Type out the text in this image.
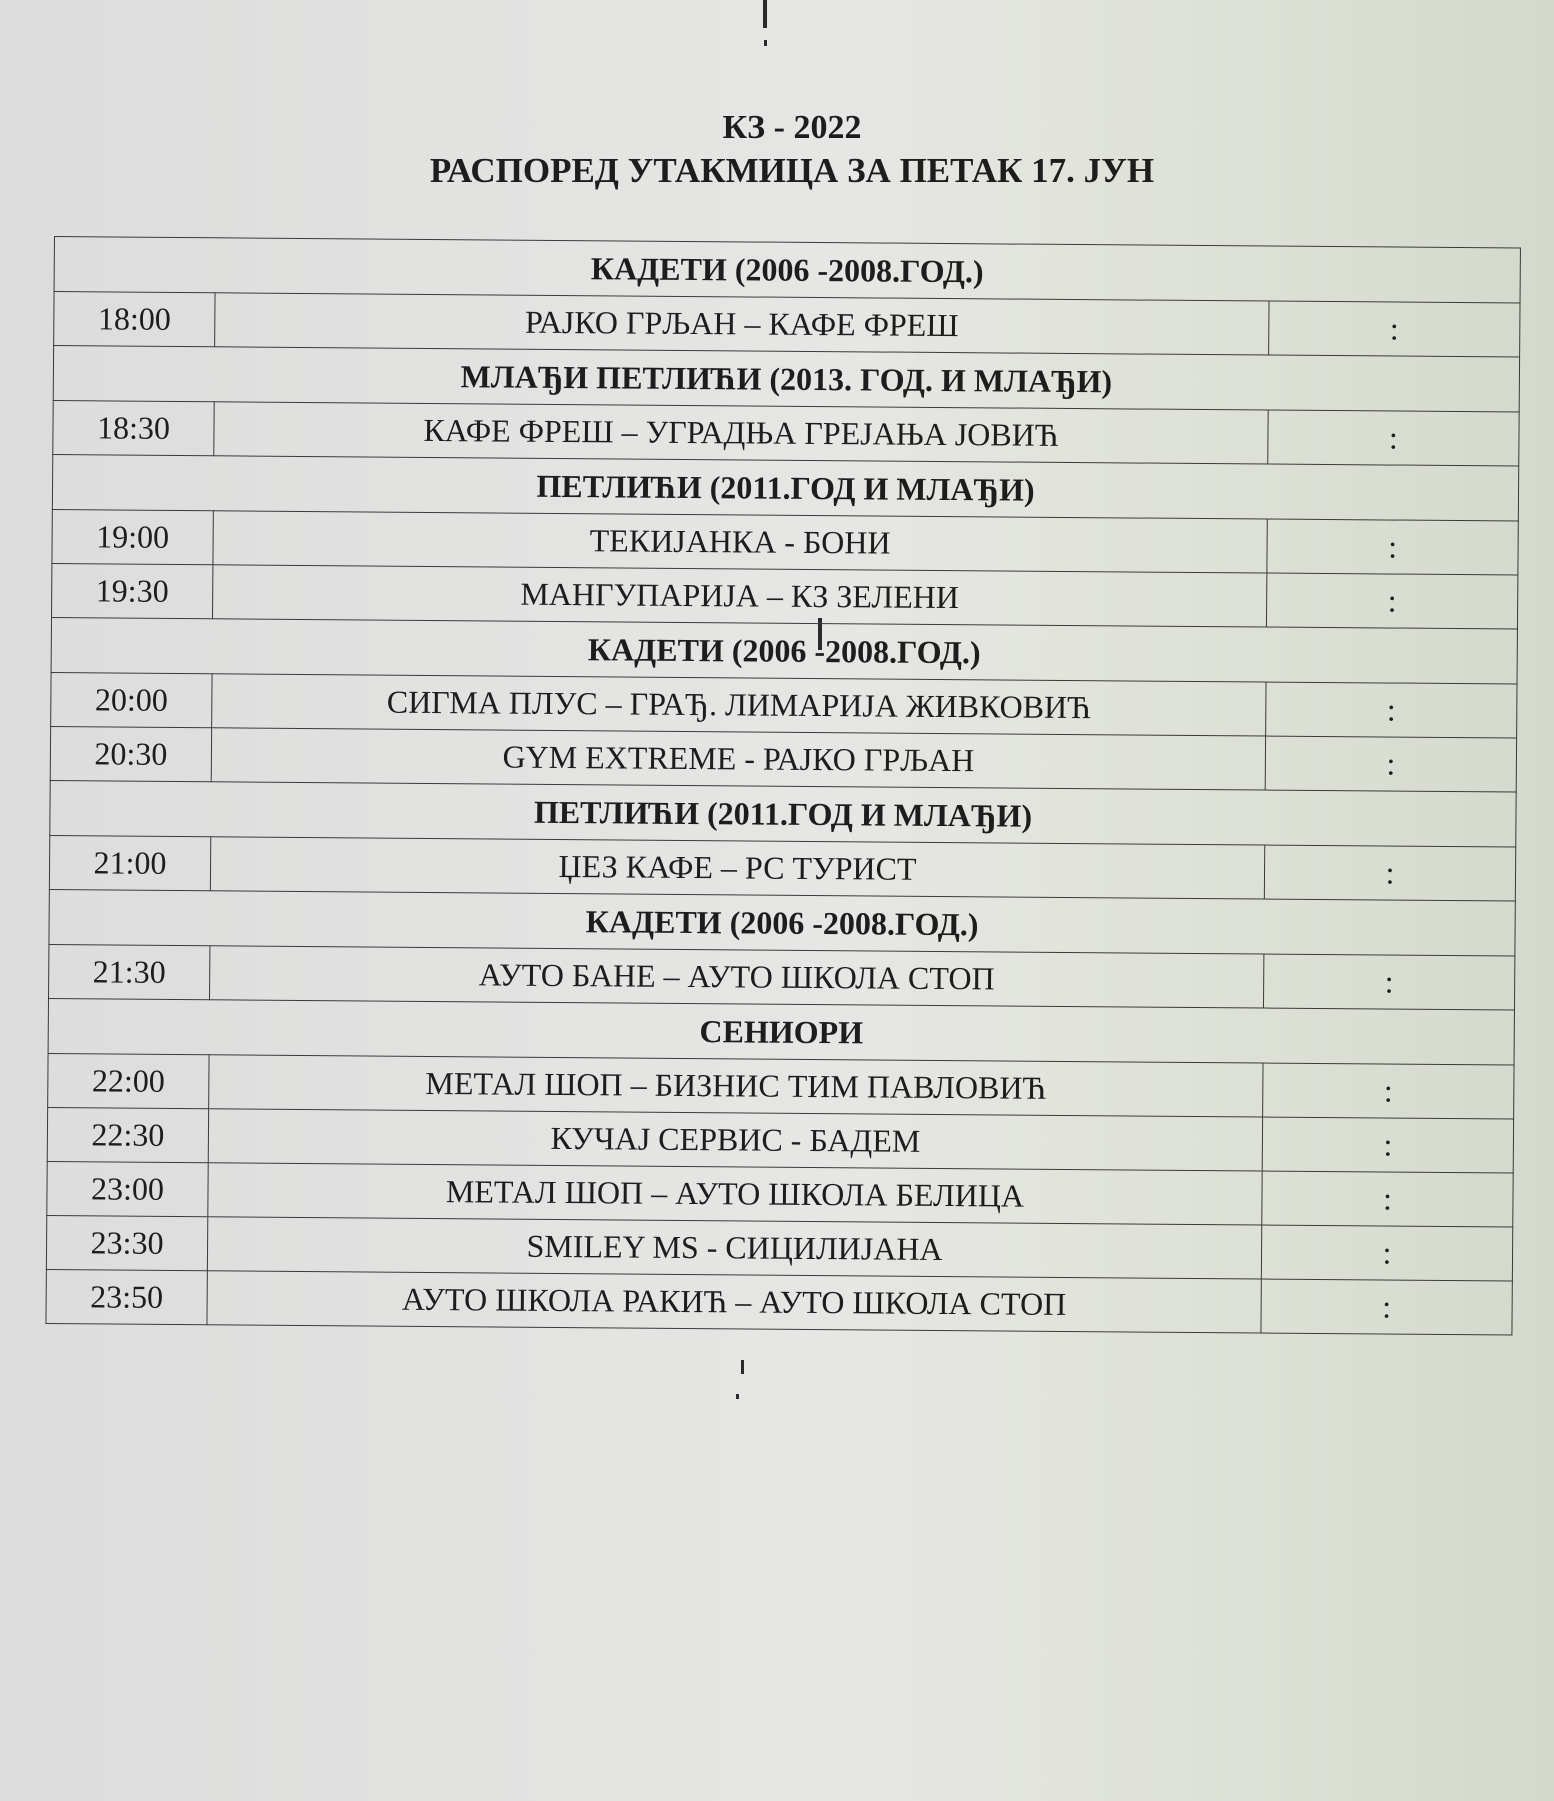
КЗ - 2022
РАСПОРЕД УТАКМИЦА ЗА ПЕТАК 17. ЈУН
КАДЕТИ (2006 -2008.ГОД.)		
18:00	РАЈКО ГРЉАН – КАФЕ ФРЕШ	:
МЛАЂИ ПЕТЛИЋИ (2013. ГОД. И МЛАЂИ)		
18:30	КАФЕ ФРЕШ – УГРАДЊА ГРЕЈАЊА ЈОВИЋ	:
ПЕТЛИЋИ (2011.ГОД И МЛАЂИ)		
19:00	ТЕКИЈАНКА - БОНИ	:
19:30	МАНГУПАРИЈА – КЗ ЗЕЛЕНИ	:
КАДЕТИ (2006 -2008.ГОД.)		
20:00	СИГМА ПЛУС – ГРАЂ. ЛИМАРИЈА ЖИВКОВИЋ	:
20:30	GYM EXTREME - РАЈКО ГРЉАН	:
ПЕТЛИЋИ (2011.ГОД И МЛАЂИ)		
21:00	ЏЕЗ КАФЕ – РС ТУРИСТ	:
КАДЕТИ (2006 -2008.ГОД.)		
21:30	АУТО БАНЕ – АУТО ШКОЛА СТОП	:
СЕНИОРИ		
22:00	МЕТАЛ ШОП – БИЗНИС ТИМ ПАВЛОВИЋ	:
22:30	КУЧАЈ СЕРВИС - БАДЕМ	:
23:00	МЕТАЛ ШОП – АУТО ШКОЛА БЕЛИЦА	:
23:30	SMILEY MS - СИЦИЛИЈАНА	:
23:50	АУТО ШКОЛА РАКИЋ – АУТО ШКОЛА СТОП	:
